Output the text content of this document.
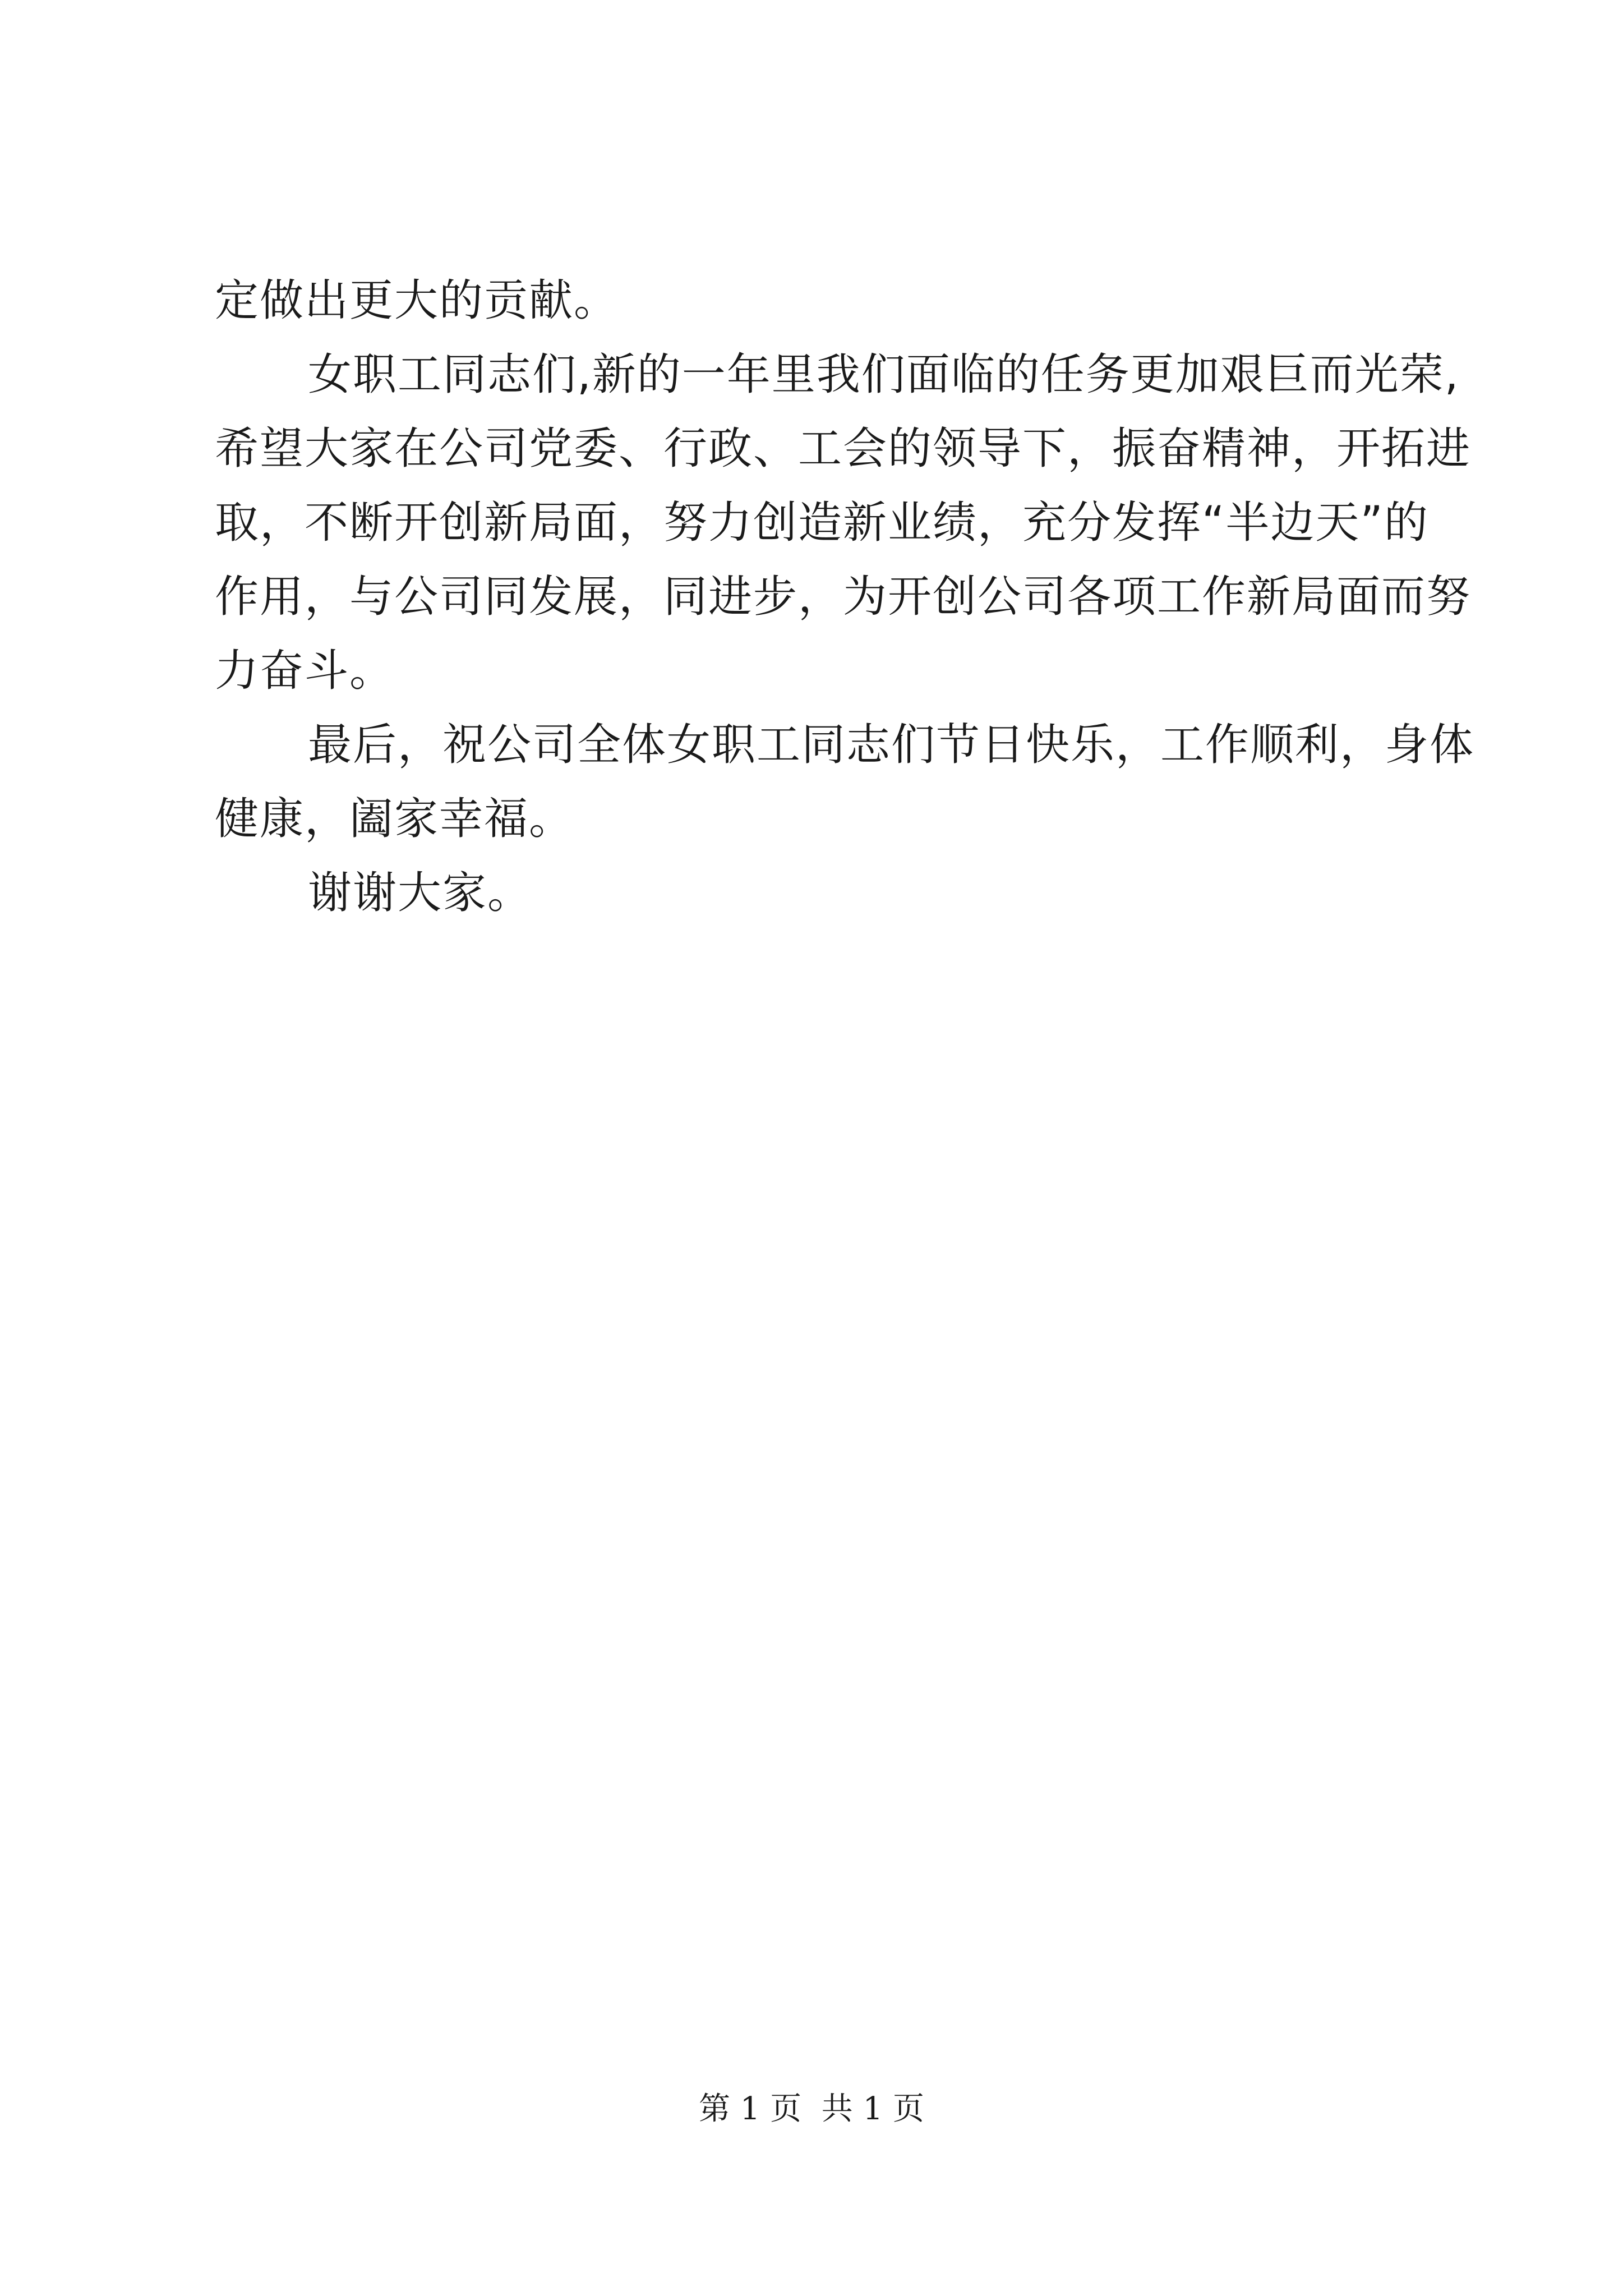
定做出更大的贡献。

女职工同志们,新的一年里我们面临的任务更加艰巨而光荣,

希望大家在公司党委、行政、工会的领导下，振奋精神，开拓进

取，不断开创新局面，努力创造新业绩，充分发挥“半边天”的

作用，与公司同发展，同进步，为开创公司各项工作新局面而努

力奋斗。

最后，祝公司全体女职工同志们节日快乐，工作顺利，身体

健康，阖家幸福。

谢谢大家。

第 1 页  共 1 页
